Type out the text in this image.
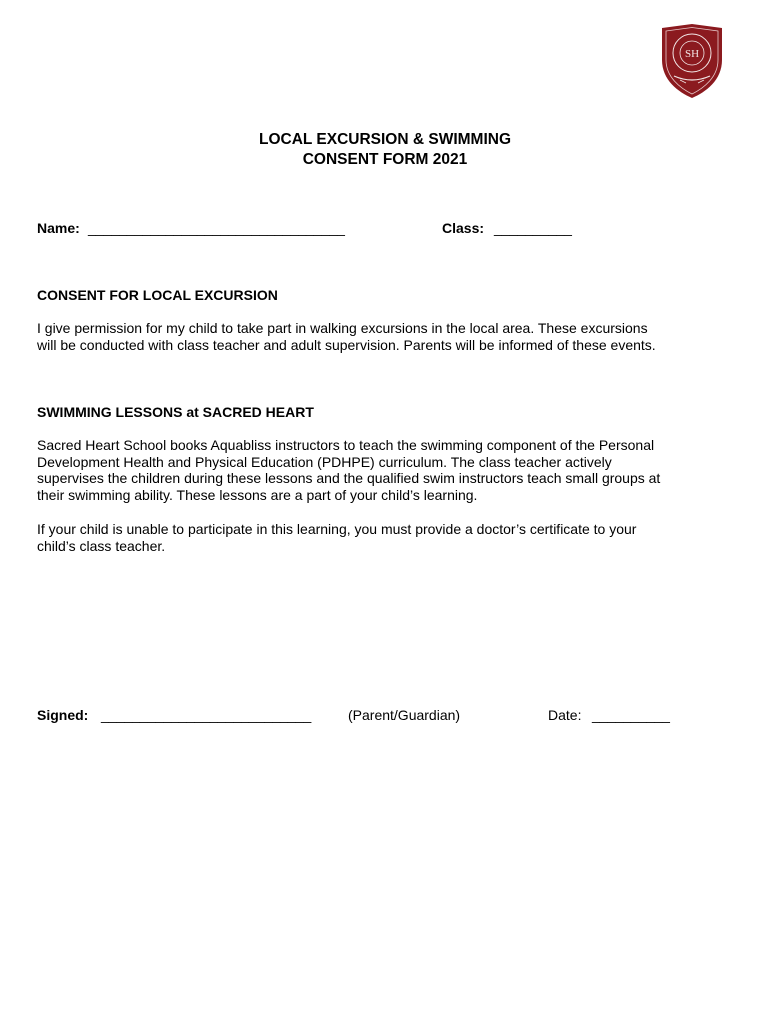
SH
LOCAL EXCURSION & SWIMMING
CONSENT FORM 2021
Name: _________________________________	Class: __________
CONSENT FOR LOCAL EXCURSION
I give permission for my child to take part in walking excursions in the local area. These excursions
will be conducted with class teacher and adult supervision. Parents will be informed of these events.
SWIMMING LESSONS at SACRED HEART
Sacred Heart School books Aquabliss instructors to teach the swimming component of the Personal
Development Health and Physical Education (PDHPE) curriculum. The class teacher actively
supervises the children during these lessons and the qualified swim instructors teach small groups at
their swimming ability. These lessons are a part of your child’s learning.
If your child is unable to participate in this learning, you must provide a doctor’s certificate to your
child’s class teacher.
Signed: ___________________________	(Parent/Guardian)	Date: __________
